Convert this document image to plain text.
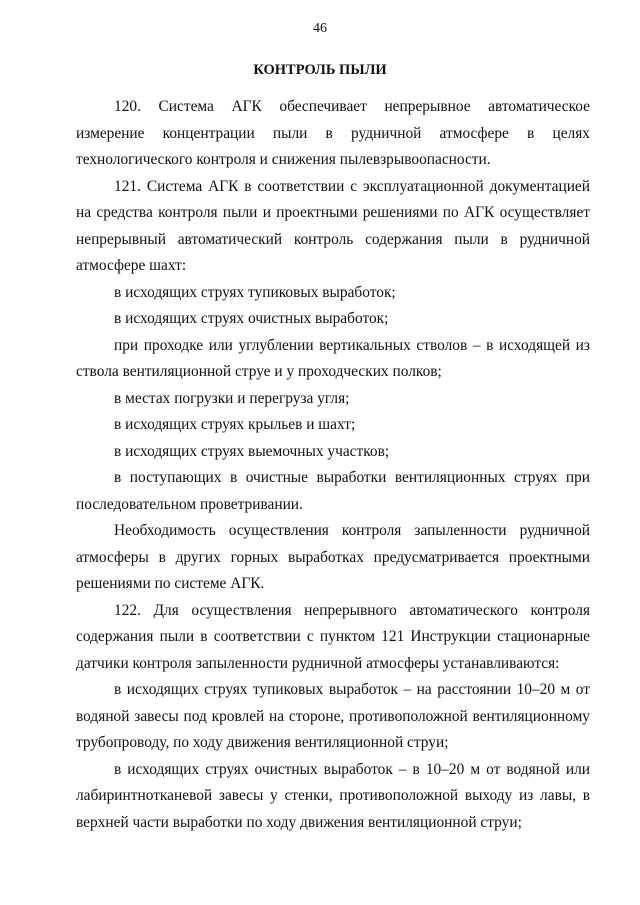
46
КОНТРОЛЬ ПЫЛИ

120. Система АГК обеспечивает непрерывное автоматическое измерение концентрации пыли в рудничной атмосфере в целях технологического контроля и снижения пылевзрывоопасности.

121. Система АГК в соответствии с эксплуатационной документацией на средства контроля пыли и проектными решениями по АГК осуществляет непрерывный автоматический контроль содержания пыли в рудничной атмосфере шахт:

в исходящих струях тупиковых выработок;

в исходящих струях очистных выработок;

при проходке или углублении вертикальных стволов – в исходящей из ствола вентиляционной струе и у проходческих полков;

в местах погрузки и перегруза угля;

в исходящих струях крыльев и шахт;

в исходящих струях выемочных участков;

в поступающих в очистные выработки вентиляционных струях при последовательном проветривании.

Необходимость осуществления контроля запыленности рудничной атмосферы в других горных выработках предусматривается проектными решениями по системе АГК.

122. Для осуществления непрерывного автоматического контроля содержания пыли в соответствии с пунктом 121 Инструкции стационарные датчики контроля запыленности рудничной атмосферы устанавливаются:

в исходящих струях тупиковых выработок – на расстоянии 10–20 м от водяной завесы под кровлей на стороне, противоположной вентиляционному трубопроводу, по ходу движения вентиляционной струи;

в исходящих струях очистных выработок – в 10–20 м от водяной или лабиринтнотканевой завесы у стенки, противоположной выходу из лавы, в верхней части выработки по ходу движения вентиляционной струи;
